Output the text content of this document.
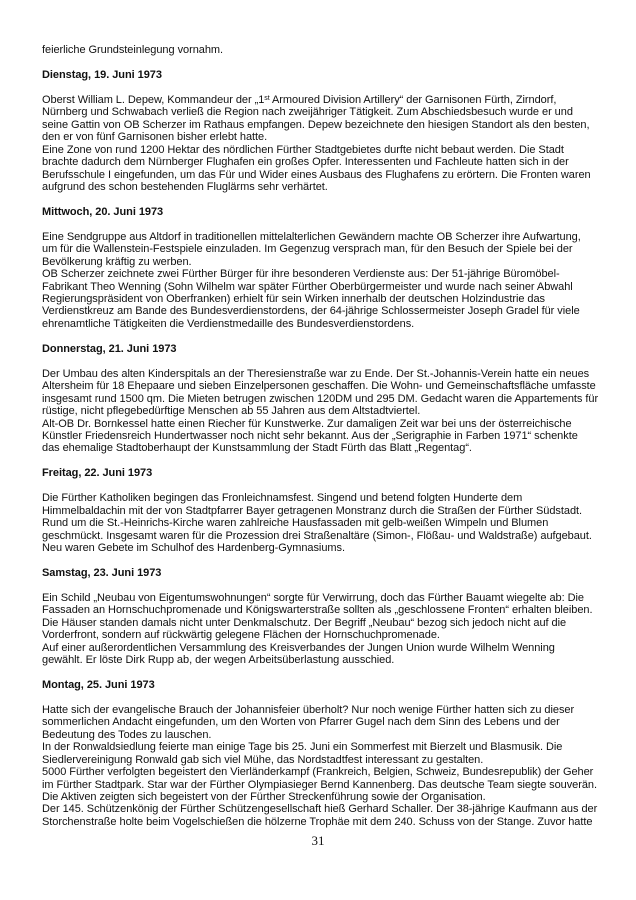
feierliche Grundsteinlegung vornahm.
Dienstag, 19. Juni 1973
Oberst William L. Depew, Kommandeur der „1st Armoured Division Artillery“ der Garnisonen Fürth, Zirndorf,
Nürnberg und Schwabach verließ die Region nach zweijähriger Tätigkeit. Zum Abschiedsbesuch wurde er und
seine Gattin von OB Scherzer im Rathaus empfangen. Depew bezeichnete den hiesigen Standort als den besten,
den er von fünf Garnisonen bisher erlebt hatte.
Eine Zone von rund 1200 Hektar des nördlichen Fürther Stadtgebietes durfte nicht bebaut werden. Die Stadt
brachte dadurch dem Nürnberger Flughafen ein großes Opfer. Interessenten und Fachleute hatten sich in der
Berufsschule I eingefunden, um das Für und Wider eines Ausbaus des Flughafens zu erörtern. Die Fronten waren
aufgrund des schon bestehenden Fluglärms sehr verhärtet.
Mittwoch, 20. Juni 1973
Eine Sendgruppe aus Altdorf in traditionellen mittelalterlichen Gewändern machte OB Scherzer ihre Aufwartung,
um für die Wallenstein-Festspiele einzuladen. Im Gegenzug versprach man, für den Besuch der Spiele bei der
Bevölkerung kräftig zu werben.
OB Scherzer zeichnete zwei Fürther Bürger für ihre besonderen Verdienste aus: Der 51-jährige Büromöbel-
Fabrikant Theo Wenning (Sohn Wilhelm war später Fürther Oberbürgermeister und wurde nach seiner Abwahl
Regierungspräsident von Oberfranken) erhielt für sein Wirken innerhalb der deutschen Holzindustrie das
Verdienstkreuz am Bande des Bundesverdienstordens, der 64-jährige Schlossermeister Joseph Gradel für viele
ehrenamtliche Tätigkeiten die Verdienstmedaille des Bundesverdienstordens.
Donnerstag, 21. Juni 1973
Der Umbau des alten Kinderspitals an der Theresienstraße war zu Ende. Der St.-Johannis-Verein hatte ein neues
Altersheim für 18 Ehepaare und sieben Einzelpersonen geschaffen. Die Wohn- und Gemeinschaftsfläche umfasste
insgesamt rund 1500 qm. Die Mieten betrugen zwischen 120DM und 295 DM. Gedacht waren die Appartements für
rüstige, nicht pflegebedürftige Menschen ab 55 Jahren aus dem Altstadtviertel.
Alt-OB Dr. Bornkessel hatte einen Riecher für Kunstwerke. Zur damaligen Zeit war bei uns der österreichische
Künstler Friedensreich Hundertwasser noch nicht sehr bekannt. Aus der „Serigraphie in Farben 1971“ schenkte
das ehemalige Stadtoberhaupt der Kunstsammlung der Stadt Fürth das Blatt „Regentag“.
Freitag, 22. Juni 1973
Die Fürther Katholiken begingen das Fronleichnamsfest. Singend und betend folgten Hunderte dem
Himmelbaldachin mit der von Stadtpfarrer Bayer getragenen Monstranz durch die Straßen der Fürther Südstadt.
Rund um die St.-Heinrichs-Kirche waren zahlreiche Hausfassaden mit gelb-weißen Wimpeln und Blumen
geschmückt. Insgesamt waren für die Prozession drei Straßenaltäre (Simon-, Flößau- und Waldstraße) aufgebaut.
Neu waren Gebete im Schulhof des Hardenberg-Gymnasiums.
Samstag, 23. Juni 1973
Ein Schild „Neubau von Eigentumswohnungen“ sorgte für Verwirrung, doch das Fürther Bauamt wiegelte ab: Die
Fassaden an Hornschuchpromenade und Königswarterstraße sollten als „geschlossene Fronten“ erhalten bleiben.
Die Häuser standen damals nicht unter Denkmalschutz. Der Begriff „Neubau“ bezog sich jedoch nicht auf die
Vorderfront, sondern auf rückwärtig gelegene Flächen der Hornschuchpromenade.
Auf einer außerordentlichen Versammlung des Kreisverbandes der Jungen Union wurde Wilhelm Wenning
gewählt. Er löste Dirk Rupp ab, der wegen Arbeitsüberlastung ausschied.
Montag, 25. Juni 1973
Hatte sich der evangelische Brauch der Johannisfeier überholt? Nur noch wenige Fürther hatten sich zu dieser
sommerlichen Andacht eingefunden, um den Worten von Pfarrer Gugel nach dem Sinn des Lebens und der
Bedeutung des Todes zu lauschen.
In der Ronwaldsiedlung feierte man einige Tage bis 25. Juni ein Sommerfest mit Bierzelt und Blasmusik. Die
Siedlervereinigung Ronwald gab sich viel Mühe, das Nordstadtfest interessant zu gestalten.
5000 Fürther verfolgten begeistert den Vierländerkampf (Frankreich, Belgien, Schweiz, Bundesrepublik) der Geher
im Fürther Stadtpark. Star war der Fürther Olympiasieger Bernd Kannenberg. Das deutsche Team siegte souverän.
Die Aktiven zeigten sich begeistert von der Fürther Streckenführung sowie der Organisation.
Der 145. Schützenkönig der Fürther Schützengesellschaft hieß Gerhard Schaller. Der 38-jährige Kaufmann aus der
Storchenstraße holte beim Vogelschießen die hölzerne Trophäe mit dem 240. Schuss von der Stange. Zuvor hatte
31
